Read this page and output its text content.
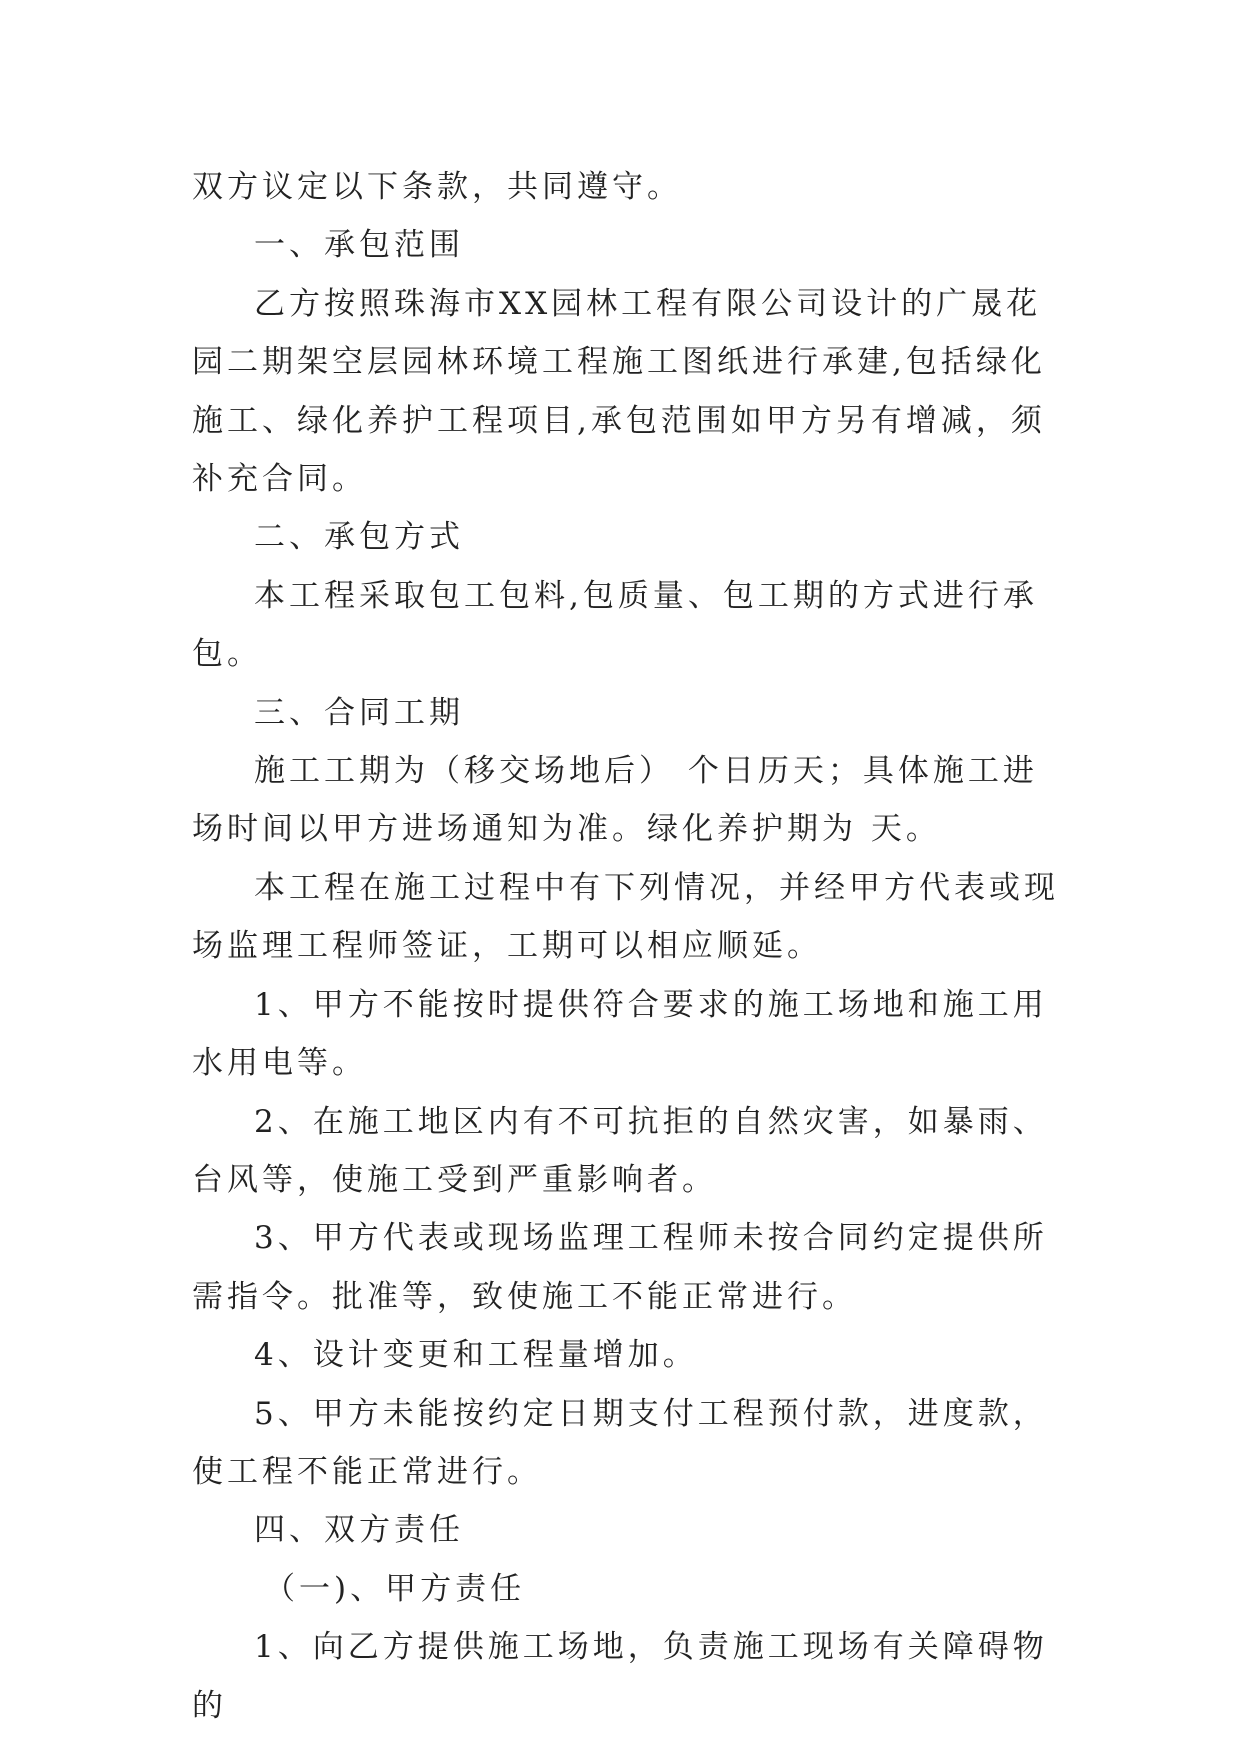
双方议定以下条款，共同遵守。

一、承包范围

乙方按照珠海市XX园林工程有限公司设计的广晟花园二期架空层园林环境工程施工图纸进行承建,包括绿化施工、绿化养护工程项目,承包范围如甲方另有增减，须补充合同。

二、承包方式

本工程采取包工包料,包质量、包工期的方式进行承包。

三、合同工期

施工工期为（移交场地后） 个日历天；具体施工进场时间以甲方进场通知为准。绿化养护期为 天。

本工程在施工过程中有下列情况，并经甲方代表或现场监理工程师签证，工期可以相应顺延。

1、甲方不能按时提供符合要求的施工场地和施工用水用电等。

2、在施工地区内有不可抗拒的自然灾害，如暴雨、台风等，使施工受到严重影响者。

3、甲方代表或现场监理工程师未按合同约定提供所需指令。批准等，致使施工不能正常进行。

4、设计变更和工程量增加。

5、甲方未能按约定日期支付工程预付款，进度款，使工程不能正常进行。

四、双方责任

（一)、甲方责任

1、向乙方提供施工场地，负责施工现场有关障碍物的
